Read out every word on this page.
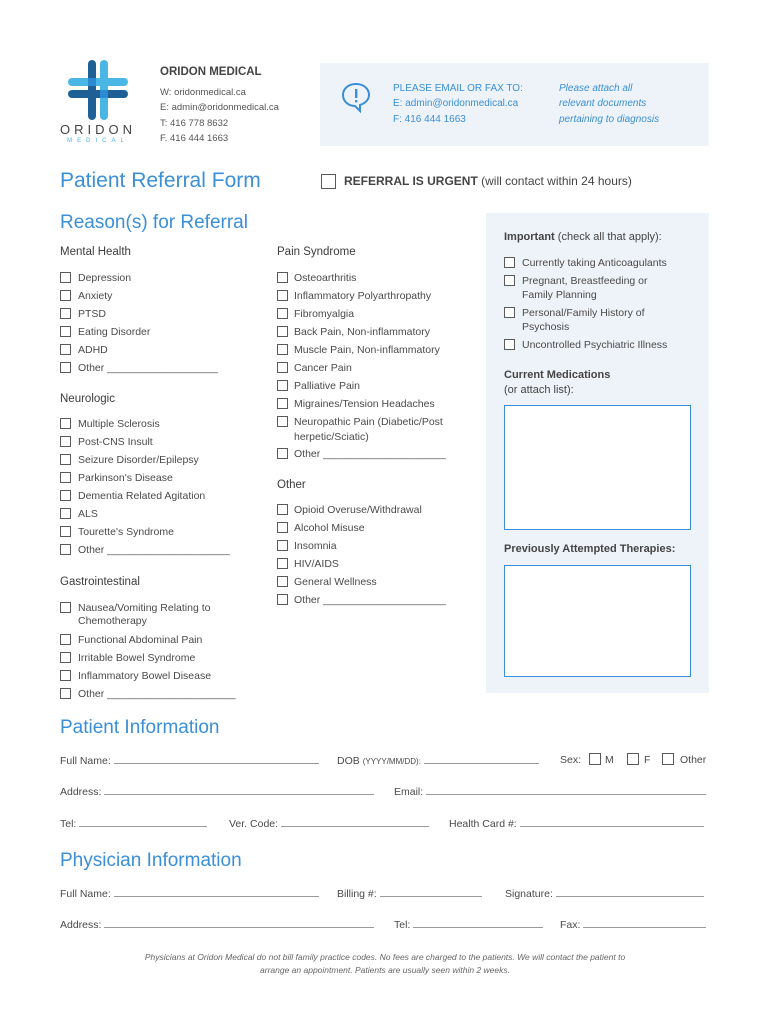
ORIDON
MEDICAL
ORIDON MEDICAL
W: oridonmedical.ca
E: admin@oridonmedical.ca
T: 416 778 8632
F. 416 444 1663
PLEASE EMAIL OR FAX TO:
E: admin@oridonmedical.ca
F: 416 444 1663
Please attach all
relevant documents
pertaining to diagnosis
Patient Referral Form	REFERRAL IS URGENT (will contact within 24 hours)
Reason(s) for Referral
Mental Health
Neurologic
Gastrointestinal
Pain Syndrome
Other
Depression
Anxiety
PTSD
Eating Disorder
ADHD
Other ___________________
Multiple Sclerosis
Post-CNS Insult
Seizure Disorder/Epilepsy
Parkinson's Disease
Dementia Related Agitation
ALS
Tourette's Syndrome
Other _____________________
Nausea/Vomiting Relating to
Chemotherapy
Functional Abdominal Pain
Irritable Bowel Syndrome
Inflammatory Bowel Disease
Other ______________________
Osteoarthritis
Inflammatory Polyarthropathy
Fibromyalgia
Back Pain, Non-inflammatory
Muscle Pain, Non-inflammatory
Cancer Pain
Palliative Pain
Migraines/Tension Headaches
Neuropathic Pain (Diabetic/Post
herpetic/Sciatic)
Other _____________________
Opioid Overuse/Withdrawal
Alcohol Misuse
Insomnia
HIV/AIDS
General Wellness
Other _____________________
Important (check all that apply):
Currently taking Anticoagulants
Pregnant, Breastfeeding or
Family Planning
Personal/Family History of
Psychosis
Uncontrolled Psychiatric Illness
Current Medications
(or attach list):
Previously Attempted Therapies:
Patient Information
Full Name:	DOB (YYYY/MM/DD):	Sex: M	F	Other
Address:	Email:
Tel:	Ver. Code:	Health Card #:
Physician Information
Full Name:	Billing #:	Signature:
Address:	Tel:	Fax:
Physicians at Oridon Medical do not bill family practice codes. No fees are charged to the patients. We will contact the patient to
arrange an appointment. Patients are usually seen within 2 weeks.
